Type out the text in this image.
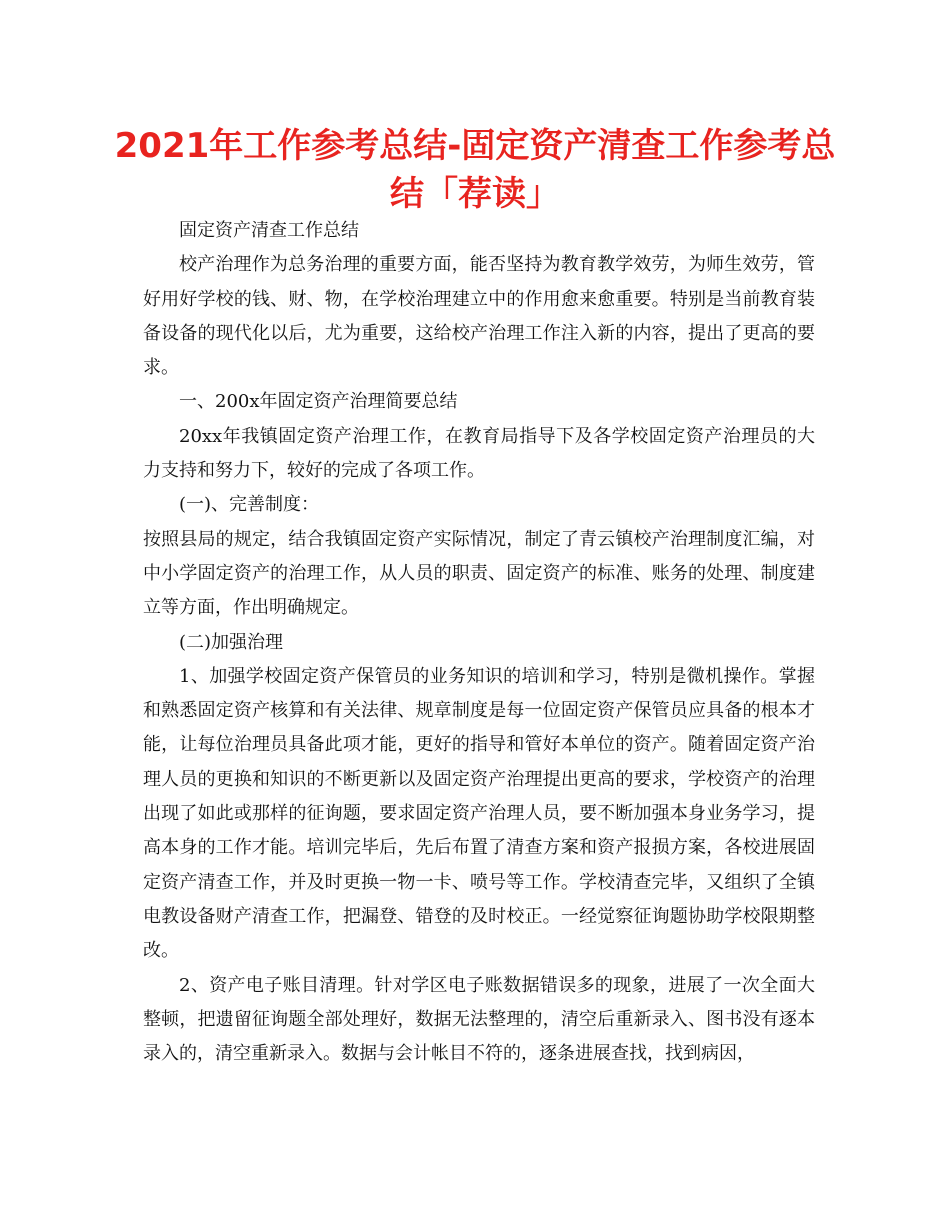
2021年工作参考总结-固定资产清查工作参考总结「荐读」

固定资产清查工作总结

校产治理作为总务治理的重要方面，能否坚持为教育教学效劳，为师生效劳，管好用好学校的钱、财、物，在学校治理建立中的作用愈来愈重要。特别是当前教育装备设备的现代化以后，尤为重要，这给校产治理工作注入新的内容，提出了更高的要求。

一、200x年固定资产治理简要总结

20xx年我镇固定资产治理工作，在教育局指导下及各学校固定资产治理员的大力支持和努力下，较好的完成了各项工作。

(一)、完善制度：

按照县局的规定，结合我镇固定资产实际情况，制定了青云镇校产治理制度汇编，对中小学固定资产的治理工作，从人员的职责、固定资产的标准、账务的处理、制度建立等方面，作出明确规定。

(二)加强治理

1、加强学校固定资产保管员的业务知识的培训和学习，特别是微机操作。掌握和熟悉固定资产核算和有关法律、规章制度是每一位固定资产保管员应具备的根本才能，让每位治理员具备此项才能，更好的指导和管好本单位的资产。随着固定资产治理人员的更换和知识的不断更新以及固定资产治理提出更高的要求，学校资产的治理出现了如此或那样的征询题，要求固定资产治理人员，要不断加强本身业务学习，提高本身的工作才能。培训完毕后，先后布置了清查方案和资产报损方案，各校进展固定资产清查工作，并及时更换一物一卡、喷号等工作。学校清查完毕，又组织了全镇电教设备财产清查工作，把漏登、错登的及时校正。一经觉察征询题协助学校限期整改。

2、资产电子账目清理。针对学区电子账数据错误多的现象，进展了一次全面大整顿，把遗留征询题全部处理好，数据无法整理的，清空后重新录入、图书没有逐本录入的，清空重新录入。数据与会计帐目不符的，逐条进展查找，找到病因，
